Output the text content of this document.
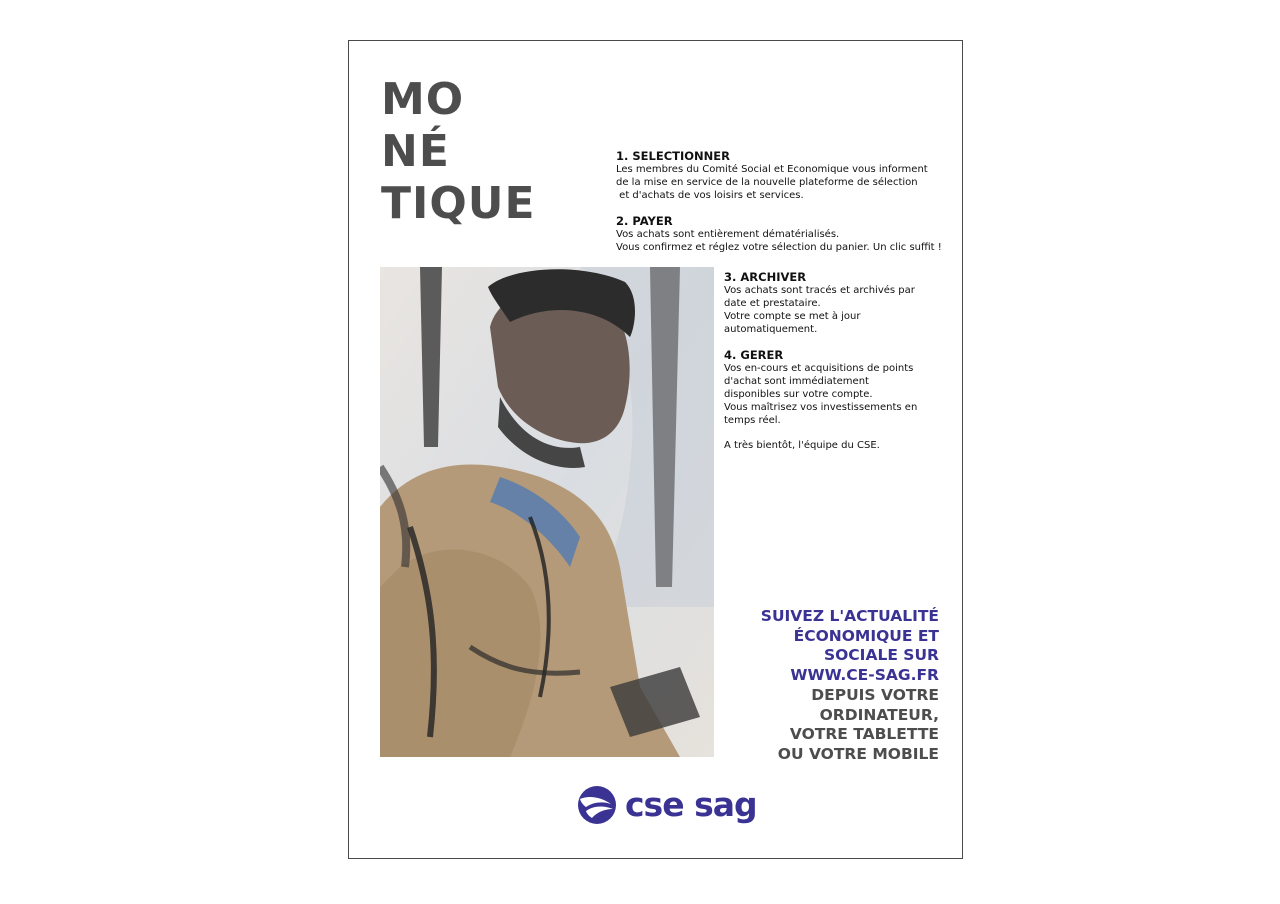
MO
NÉ
TIQUE
1. SELECTIONNER
Les membres du Comité Social et Economique vous informent
de la mise en service de la nouvelle plateforme de sélection
et d'achats de vos loisirs et services.
2. PAYER
Vos achats sont entièrement dématérialisés.
Vous confirmez et réglez votre sélection du panier. Un clic suffit !
3. ARCHIVER
Vos achats sont tracés et archivés par
date et prestataire.
Votre compte se met à jour
automatiquement.
4. GERER
Vos en-cours et acquisitions de points
d'achat sont immédiatement
disponibles sur votre compte.
Vous maîtrisez vos investissements en
temps réel.
A très bientôt, l'équipe du CSE.
SUIVEZ L'ACTUALITÉ
ÉCONOMIQUE ET
SOCIALE SUR
WWW.CE-SAG.FR
DEPUIS VOTRE
ORDINATEUR,
VOTRE TABLETTE
OU VOTRE MOBILE
cse sag
